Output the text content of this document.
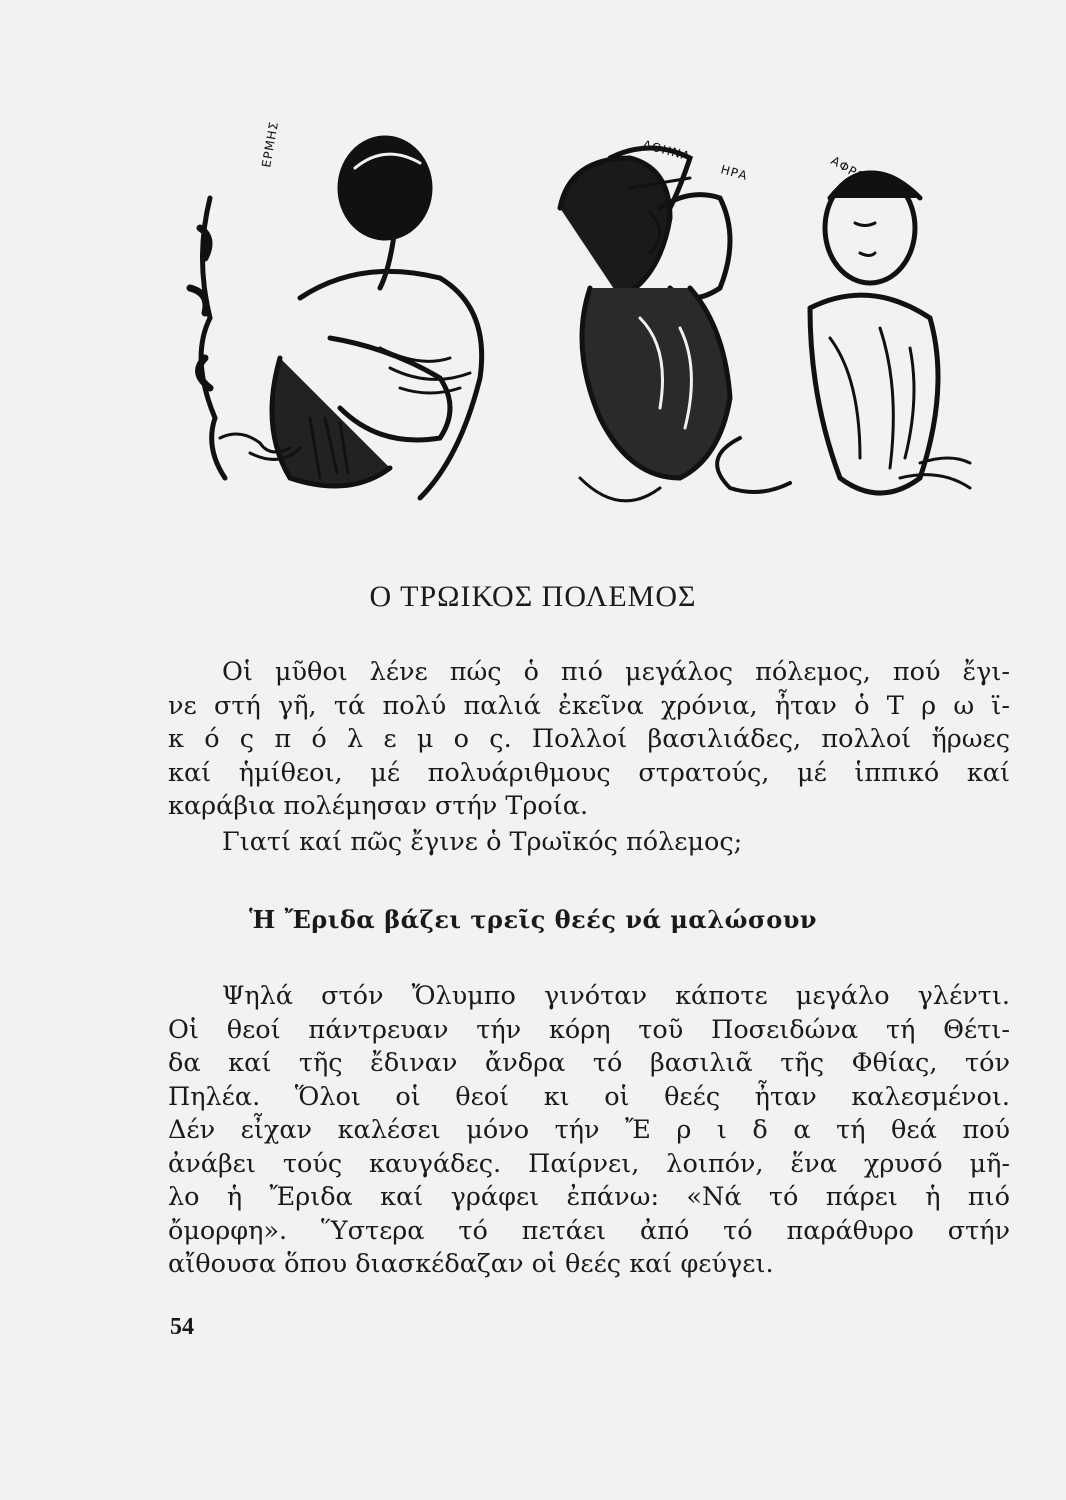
ΕΡΜΗΣ	ΑΘΗΝΑ
ΗΡΑ	ΑΦΡΟΔΙΤΗ
Ο ΤΡΩΙΚΟΣ ΠΟΛΕΜΟΣ

Οἱ μῦθοι λένε πώς ὁ πιό μεγάλος πόλεμος, πού ἔγι-
νε στή γῆ, τά πολύ παλιά ἐκεῖνα χρόνια, ἦταν ὁ Τ ρ ω ϊ-
κ ό ς π ό λ ε μ ο ς. Πολλοί βασιλιάδες, πολλοί ἥρωες
καί ἡμίθεοι, μέ πολυάριθμους στρατούς, μέ ἱππικό καί
καράβια πολέμησαν στήν Τροία.

Γιατί καί πῶς ἔγινε ὁ Τρωϊκός πόλεμος;

Ἡ Ἔριδα βάζει τρεῖς θεές νά μαλώσουν

Ψηλά στόν Ὄλυμπο γινόταν κάποτε μεγάλο γλέντι.
Οἱ θεοί πάντρευαν τήν κόρη τοῦ Ποσειδώνα τή Θέτι-
δα καί τῆς ἔδιναν ἄνδρα τό βασιλιᾶ τῆς Φθίας, τόν
Πηλέα. Ὅλοι οἱ θεοί κι οἱ θεές ἦταν καλεσμένοι.
Δέν εἶχαν καλέσει μόνο τήν Ἔ ρ ι δ α τή θεά πού
ἀνάβει τούς καυγάδες. Παίρνει, λοιπόν, ἕνα χρυσό μῆ-
λο ἡ Ἔριδα καί γράφει ἐπάνω: «Νά τό πάρει ἡ πιό
ὄμορφη». Ὕστερα τό πετάει ἀπό τό παράθυρο στήν
αἴθουσα ὅπου διασκέδαζαν οἱ θεές καί φεύγει.

54
